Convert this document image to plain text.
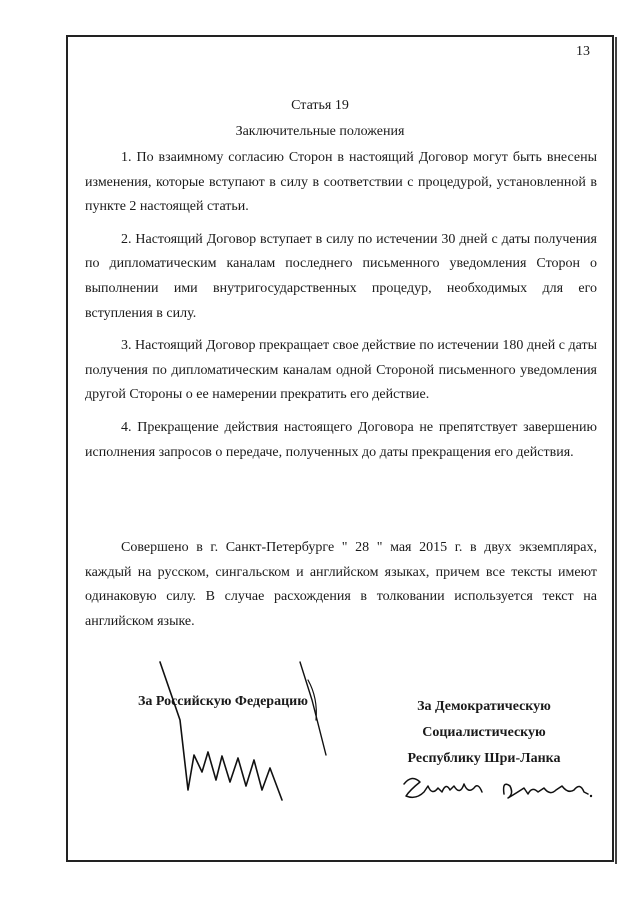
13
Статья 19
Заключительные положения

1. По взаимному согласию Сторон в настоящий Договор могут быть внесены изменения, которые вступают в силу в соответствии с процедурой, установленной в пункте 2 настоящей статьи.

2. Настоящий Договор вступает в силу по истечении 30 дней с даты получения по дипломатическим каналам последнего письменного уведомления Сторон о выполнении ими внутригосударственных процедур, необходимых для его вступления в силу.

3. Настоящий Договор прекращает свое действие по истечении 180 дней с даты получения по дипломатическим каналам одной Стороной письменного уведомления другой Стороны о ее намерении прекратить его действие.

4. Прекращение действия настоящего Договора не препятствует завершению исполнения запросов о передаче, полученных до даты прекращения его действия.

Совершено в г. Санкт-Петербурге " 28 " мая 2015 г. в двух экземплярах, каждый на русском, сингальском и английском языках, причем все тексты имеют одинаковую силу. В случае расхождения в толковании используется текст на английском языке.

За Российскую Федерацию	За Демократическую
Социалистическую
Республику Шри-Ланка
